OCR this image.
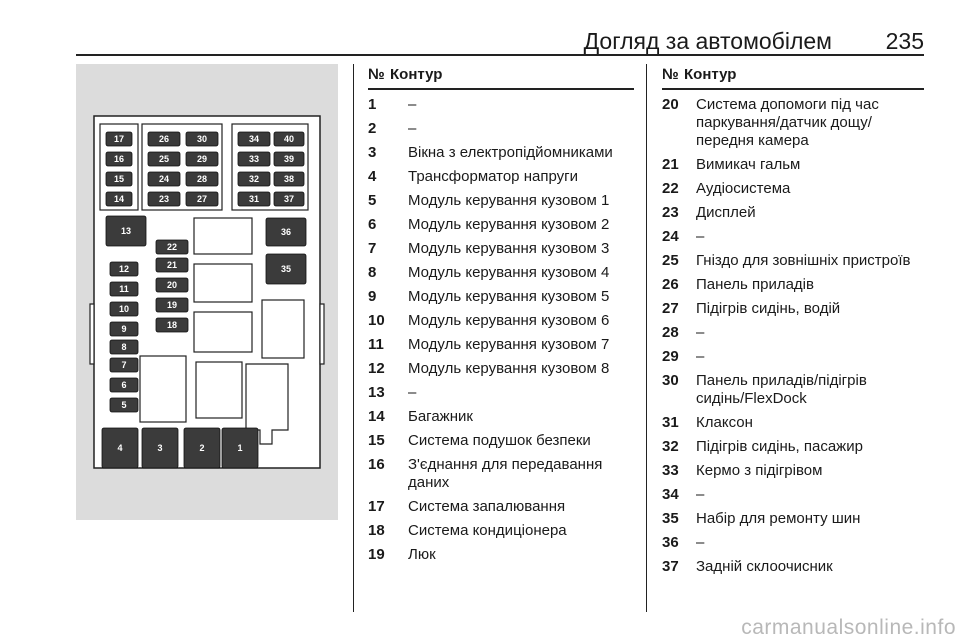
Догляд за автомобілем 235
17
16
15
14
26
25
24
23
30
29
28
27
34
33
32
31
40
39
38
37
13	36
35
22
21
20
19
18
12
11
10
9
8
7
6
5
4	3	2	1
№ Контур
1 –
2 –
3 Вікна з електропідйомниками
4 Трансформатор напруги
5 Модуль керування кузовом 1
6 Модуль керування кузовом 2
7 Модуль керування кузовом 3
8 Модуль керування кузовом 4
9 Модуль керування кузовом 5
10 Модуль керування кузовом 6
11 Модуль керування кузовом 7
12 Модуль керування кузовом 8
13 –
14 Багажник
15 Система подушок безпеки
16 З'єднання для передавання даних
17 Система запалювання
18 Система кондиціонера
19 Люк
№ Контур
20 Система допомоги під час паркування/датчик дощу/ передня камера
21 Вимикач гальм
22 Аудіосистема
23 Дисплей
24 –
25 Гніздо для зовнішніх пристроїв
26 Панель приладів
27 Підігрів сидінь, водій
28 –
29 –
30 Панель приладів/підігрів сидінь/FlexDock
31 Клаксон
32 Підігрів сидінь, пасажир
33 Кермо з підігрівом
34 –
35 Набір для ремонту шин
36 –
37 Задній склоочисник
carmanualsonline.info
